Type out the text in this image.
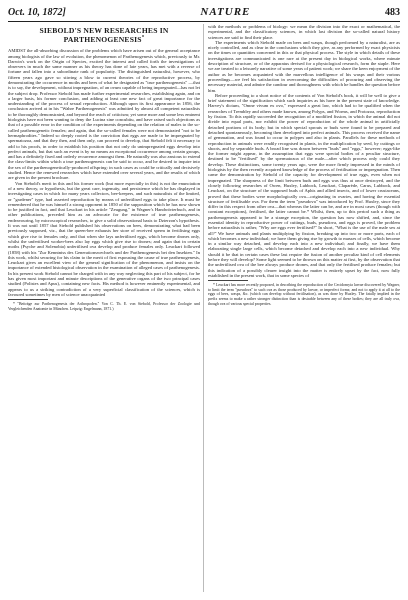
Oct. 10, 1872]	NATURE	483
SIEBOLD'S NEW RESEARCHES IN PARTHENOGENESIS*

AMIDST the all-absorbing discussion of the problems which have arisen out of the general acceptance among biologists of the law of evolution, the phenomenon of Parthenogenesis which, previously to Mr. Darwin's work on the Origin of Species, excited the interest and called forth the investigations of observers in much the same manner as his theory has done of late years, has met with a reverse of fortune and fallen into a subordinate rank of popularity. The distinguished naturalist, however, who fifteen years ago gave so stirring a blow to current theories of the reproductive process, by demonstrating the occurrence in moths and bees of what he designated as "true parthenogenesis" —that is to say, the development, without impregnation, of an ovum capable of being impregnated—has not let the subject drop. Professor Siebold has made further experimental researches, establishing again, and on a larger basis, his former conclusion, and adding at least one new fact of great importance for the understanding of the process of sexual reproduction. Although upon its first appearance in 1856, the conclusion arrived at in his "Wahre Parthenogenesis" was admitted by almost all competent naturalists to be thoroughly demonstrated, and beyond the reach of criticism; yet some more and some less eminent biologists have not been wanting to deny the Lucina sine concubitu, and have raised such objections as that of a possible error in the condition of the experiments depending on the relation of males to the so-called parthenogenetic females; and again, that the so-called females were not demonstrated "not to be hermaphrodites." Indeed so deeply rooted is the conviction that eggs are made to be impregnated by spermatozoa, and that they then, and then only, can proceed to develop, that Siebold felt it necessary to add to his proofs, in order to establish his position that not only do unimpregnated eggs develop into perfect animals, but that such an event is by no means an exceptional occurrence among certain groups, and has a definitely fixed and orderly recurrence amongst them. He naturally was also anxious to extend the class-limits within which a true parthenogenesis can be said to occur, and he desired to inquire into the sex of the parthenogenetically-produced offspring: in such cases as could be critically and decisively studied. Hence the renewed researches which have extended over several years, and the results of which are given in the present brochure.

Von Siebold's merit in this and his former work (but more especially in this) is not the enunciation of a new theory, or hypothesis, but the great care, ingenuity, and persistence which he has displayed in investigating cases in which for many years collectors, bee-keepers, and such naturalists of the limited, or "gardener" type, had asserted reproduction by means of unfertilised eggs to take place. It must be remembered that he was himself a strong opponent in 1850 of the supposition which he has now shown to be justified in fact, and that Leuckart in his article "Zeugung," in Wagner's Handwörterbuch, and in other publications, preceded him as an advocate for the existence of true parthenogenesis, endeavouring, by microscopical researches, to give a solid observational basis to Dzierzon's hypothesis. It was not until 1857 that Siebold published his observations on bees, demonstrating what had been previously supposed, viz., that the queen-bee exhausts her store of received sperm in fertilising eggs which give rise to females only, and that when she lays unfertilised eggs, which become drones only, whilst the unfertilised worker-bees also lay eggs which give rise to drones; and again that in certain moths (Psyche and Solenobia) unfertilised ova develop and produce females only. Leuckart followed (1858) with his "Zur Kenntniss des Generationswechsels und der Parthenogenesis bei den Insekten." In this work, whilst securing for his claim to the merit of first espousing the cause of true parthenogenesis, Leuckart gives an excellent view of the general signification of the phenomenon, and insists on the importance of extended histological observation in the examination of alleged cases of parthenogenesis. In his present work Siebold cannot be charged with in any way neglecting this part of his subject, for he has given most important and minute descriptions of the generative organs of the two principal cases studied (Polistes and Apus), containing new facts. His method is however eminently experimental, and appears to us a striking contradiction of a very superficial classification of the sciences, which is favoured sometimes by men of science unacquainted

* "Beiträge zur Parthenogenesis der Arthropoden." Von C. Th. E. von Siebold, Professor der Zoologie und Vergleichenden Anatomie in München. Leipzig: Engelmann, 1871.)

with the methods or problems of biology: we mean the division into the exact or mathematical, the experimental, and the classificatory sciences, in which last division the so-called natural history sciences are said to find their place.

The experiments which Siebold made on bees and wasps, though performed by a naturalist, are as nicely controlled, and as clear in the conclusions which they give, as any performed by exact physicists on the times or quantities concerned in this or that physical process. The style in which details of these investigations are communicated is one rare at the present day in biological works, where minute description of structure, or of the apparatus devised for a physiological research, form the staple. Here we are treated to a leisurely narrative of some years of patient work; we share the keen enjoyment of the author as he becomes acquainted with the marvellous intelligence of his wasps and their various proceedings—we feel his satisfaction in overcoming the difficulties of procuring and observing the necessary material, and admire the candour and thoroughness with which he handles the question before him.

Before proceeding to a short notice of the contents of Von Siebold's book, it will be well to give a brief statement of the signification which such inquiries as his have in the present state of knowledge. Harvey's dictum, "Omne vivum ex ovo," expressed a great law, which had to be qualified when the researches of Trembley and others made known, among Polyps, and Worms, and Protozoa, reproduction by fission. To this rapidly succeeded the recognition of a modified fission, in which the animal did not divide into equal parts, nor exhibit the power of reproduction of the whole animal in artificially detached portions of its body; but in which special sprouts or buds were found to be prepared and detached spontaneously, becoming then developed into perfect animals. This process received the name of gemmation, and was found to occur in polypes and also in plants. Parallels for these methods of reproduction in animals were readily recognised in plants, in the multiplication by seed, by cuttings or shoots, and by separable buds. A broad line was drawn between "buds" and "eggs," however; eggs-like the former might appear, in the assumption that eggs were special bodies of a peculiar structure, destined to be "fertilised" by the spermatozoa of the male—after which process only could they develop. These distinctions, some twenty years ago, were the more firmly impressed in the minds of biologists by the then recently acquired knowledge of the process of fertilisation or impregnation. Then came the demonstration by Siebold of the capacity for development of true eggs, even when not impregnated. The sharpness of the limit between buds and eggs was thus at once destroyed, and the closely following researches of Owen, Huxley, Lubbock, Leuckart, Claparède, Carus, Lubbock, and Leuckart, on the structure of the supposed buds of Aphis and allied insects, and of lower crustaceans, proved that these bodies were morphologically ova—originating in ovaries, and having the essential structure of fertilisable ova. For them the term "pseudova" was introduced by Prof. Huxley, since they differ in this respect from other ova—that whereas the latter can be, and are in most cases (though with constant exceptions), fertilised, the latter cannot be.* Whilst, then, up to this period such a thing as parthenogenesis appeared to be a strange exception, the question has now shifted, and, since the essential identity in reproductive power of cuttings, buds, pseudova, and eggs is proved, the problem before naturalists is rather, "Why are eggs ever fertilised?" In short, "What is the use of the male sex at all?" We have animals and plants multiplying by fission, breaking up into two or more parts, each of which becomes a new individual; we have them giving rise by growth to masses of cells, which become in a similar way detached, and develop each into a new individual; and finally, we have them elaborating single large cells, which become detached and develop each into a new individual. Why should it be that in certain cases these last require the fusion of another peculiar kind of cell elements before they will develop? Some light seemed to be thrown on this matter at first, by the observation that the unfertilised ova of the bee always produce drones, and that only the fertilised produce females; but this indication of a possibly clearer insight into the matter is entirely upset by the fact, now fully established in the present work, that in some species of

* Leuckart has more recently proposed, in describing the reproduction of the Cecidomyia larvae discovered by Wagner, to limit the term "pseudova" to such ova as those produced by larvae, or imperfect forms; and not to apply it at all to the eggs of bees, wasps, &c. (which can develop without fertilisation), as was done by Huxley. The fatally implied in the prefix seems to make a rather stronger distinction than is desirable between any of these bodies; they are all truly ova, though ova of various special properties.
